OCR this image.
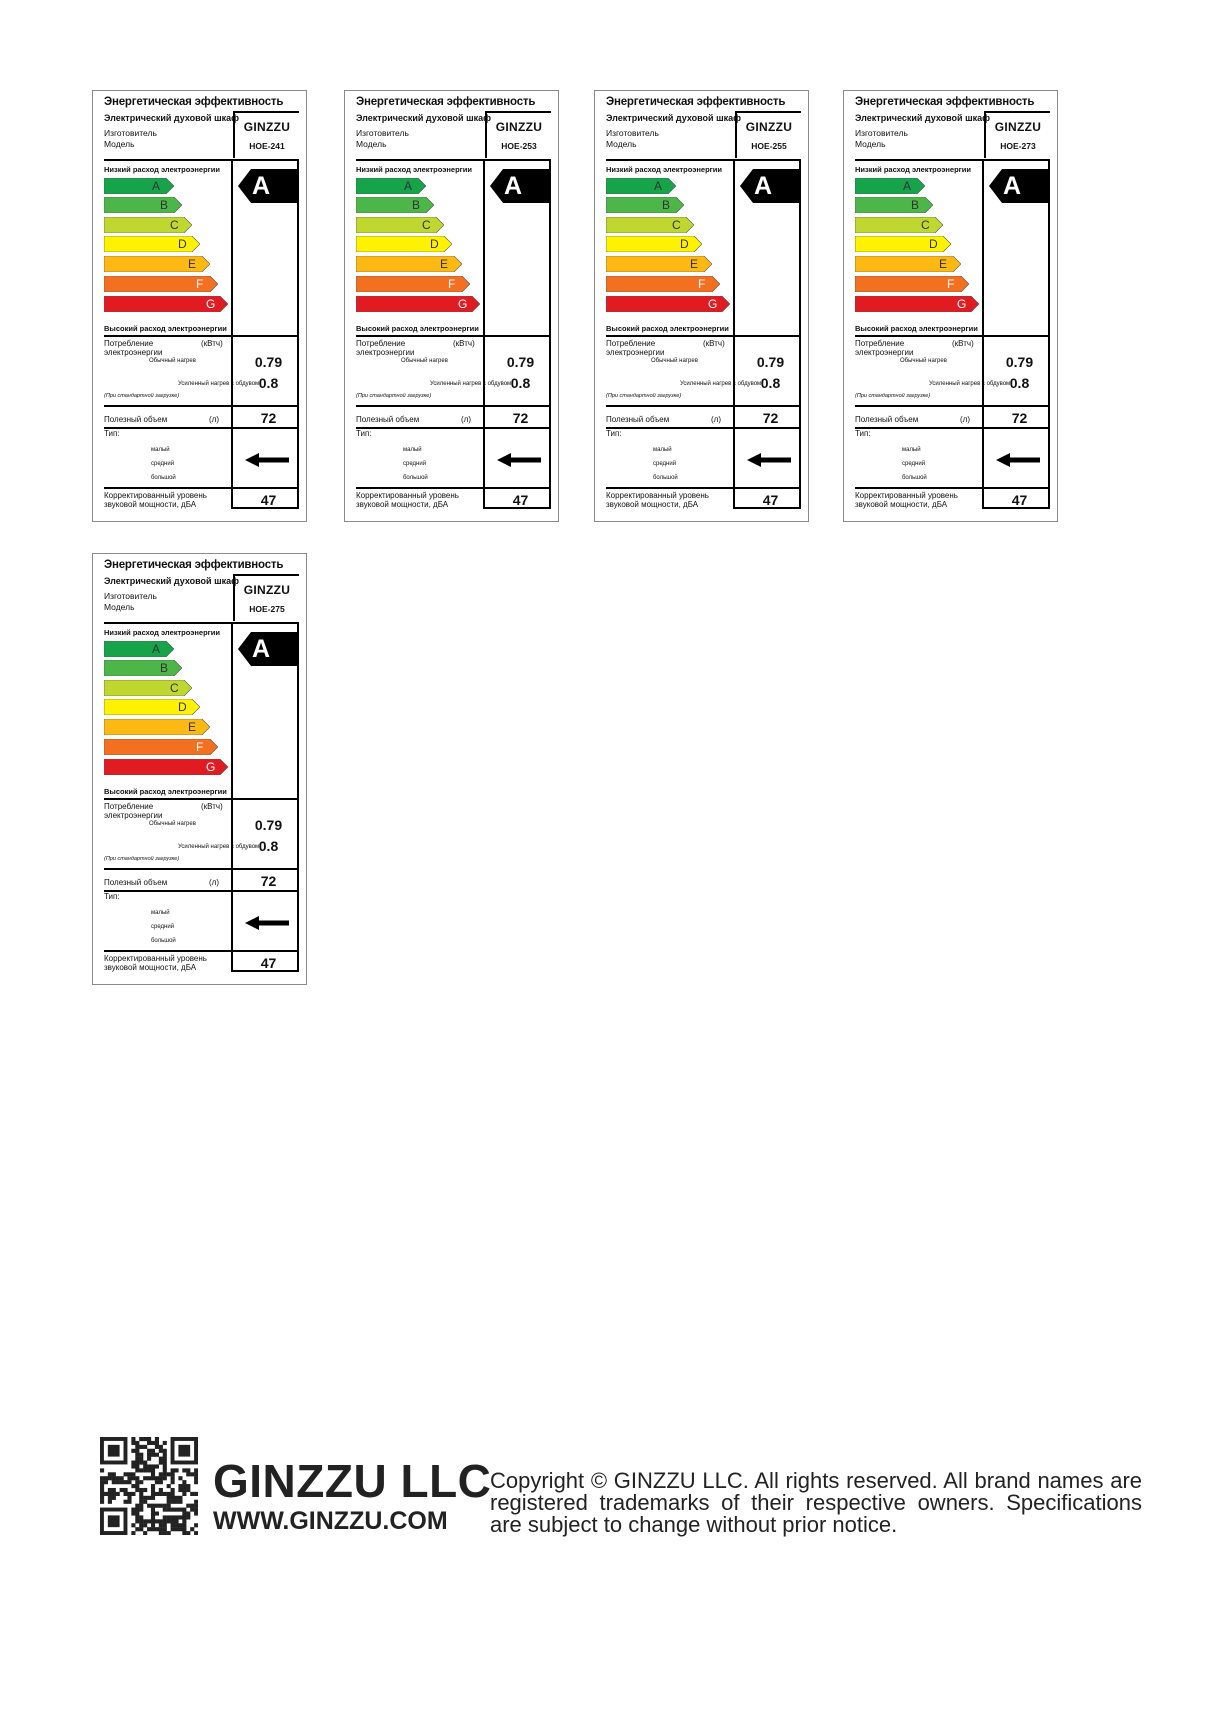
Энергетическая эффективность
Электрический духовой шкаф
Изготовитель
Модель
GINZZU
HOE-241
Низкий расход электроэнергии
Высокий расход электроэнергии
A
B
C
D
E
F
G
A
Потребление электроэнергии
(кВтч)
Обычный нагрев
Усиленный нагрев с обдувом
(При стандартной загрузке)
0.79
0.8
Полезный объем	(л)	72
Тип:
малый
средний
большой
Корректированный уровень звуковой мощности, дБА	47
Энергетическая эффективность
Электрический духовой шкаф
Изготовитель
Модель
GINZZU
HOE-253
Низкий расход электроэнергии
Высокий расход электроэнергии
A
B
C
D
E
F
G
A
Потребление электроэнергии
(кВтч)
Обычный нагрев
Усиленный нагрев с обдувом
(При стандартной загрузке)
0.79
0.8
Полезный объем	(л)	72
Тип:
малый
средний
большой
Корректированный уровень звуковой мощности, дБА	47
Энергетическая эффективность
Электрический духовой шкаф
Изготовитель
Модель
GINZZU
HOE-255
Низкий расход электроэнергии
Высокий расход электроэнергии
A
B
C
D
E
F
G
A
Потребление электроэнергии
(кВтч)
Обычный нагрев
Усиленный нагрев с обдувом
(При стандартной загрузке)
0.79
0.8
Полезный объем	(л)	72
Тип:
малый
средний
большой
Корректированный уровень звуковой мощности, дБА	47
Энергетическая эффективность
Электрический духовой шкаф
Изготовитель
Модель
GINZZU
HOE-273
Низкий расход электроэнергии
Высокий расход электроэнергии
A
B
C
D
E
F
G
A
Потребление электроэнергии
(кВтч)
Обычный нагрев
Усиленный нагрев с обдувом
(При стандартной загрузке)
0.79
0.8
Полезный объем	(л)	72
Тип:
малый
средний
большой
Корректированный уровень звуковой мощности, дБА	47
Энергетическая эффективность
Электрический духовой шкаф
Изготовитель
Модель
GINZZU
HOE-275
Низкий расход электроэнергии
Высокий расход электроэнергии
A
B
C
D
E
F
G
A
Потребление электроэнергии
(кВтч)
Обычный нагрев
Усиленный нагрев с обдувом
(При стандартной загрузке)
0.79
0.8
Полезный объем	(л)	72
Тип:
малый
средний
большой
Корректированный уровень звуковой мощности, дБА	47
GINZZU LLC
WWW.GINZZU.COM
Copyright © GINZZU LLC. All rights reserved. All brand names are registered trademarks of their respective owners. Specifications are subject to change without prior notice.
